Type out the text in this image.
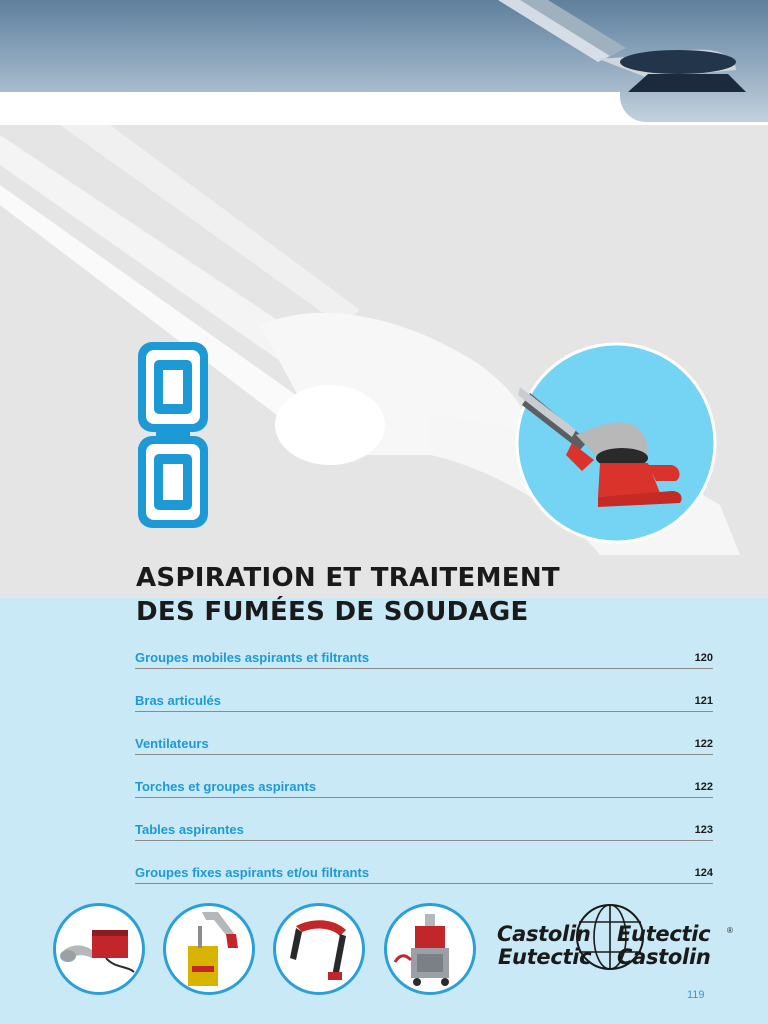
8
ASPIRATION ET TRAITEMENT
DES FUMÉES DE SOUDAGE
Groupes mobiles aspirants et filtrants	120
Bras articulés	121
Ventilateurs	122
Torches et groupes aspirants	122
Tables aspirantes	123
Groupes fixes aspirants et/ou filtrants	124
Castolin Eutectic
Eutectic Castolin
®
119
